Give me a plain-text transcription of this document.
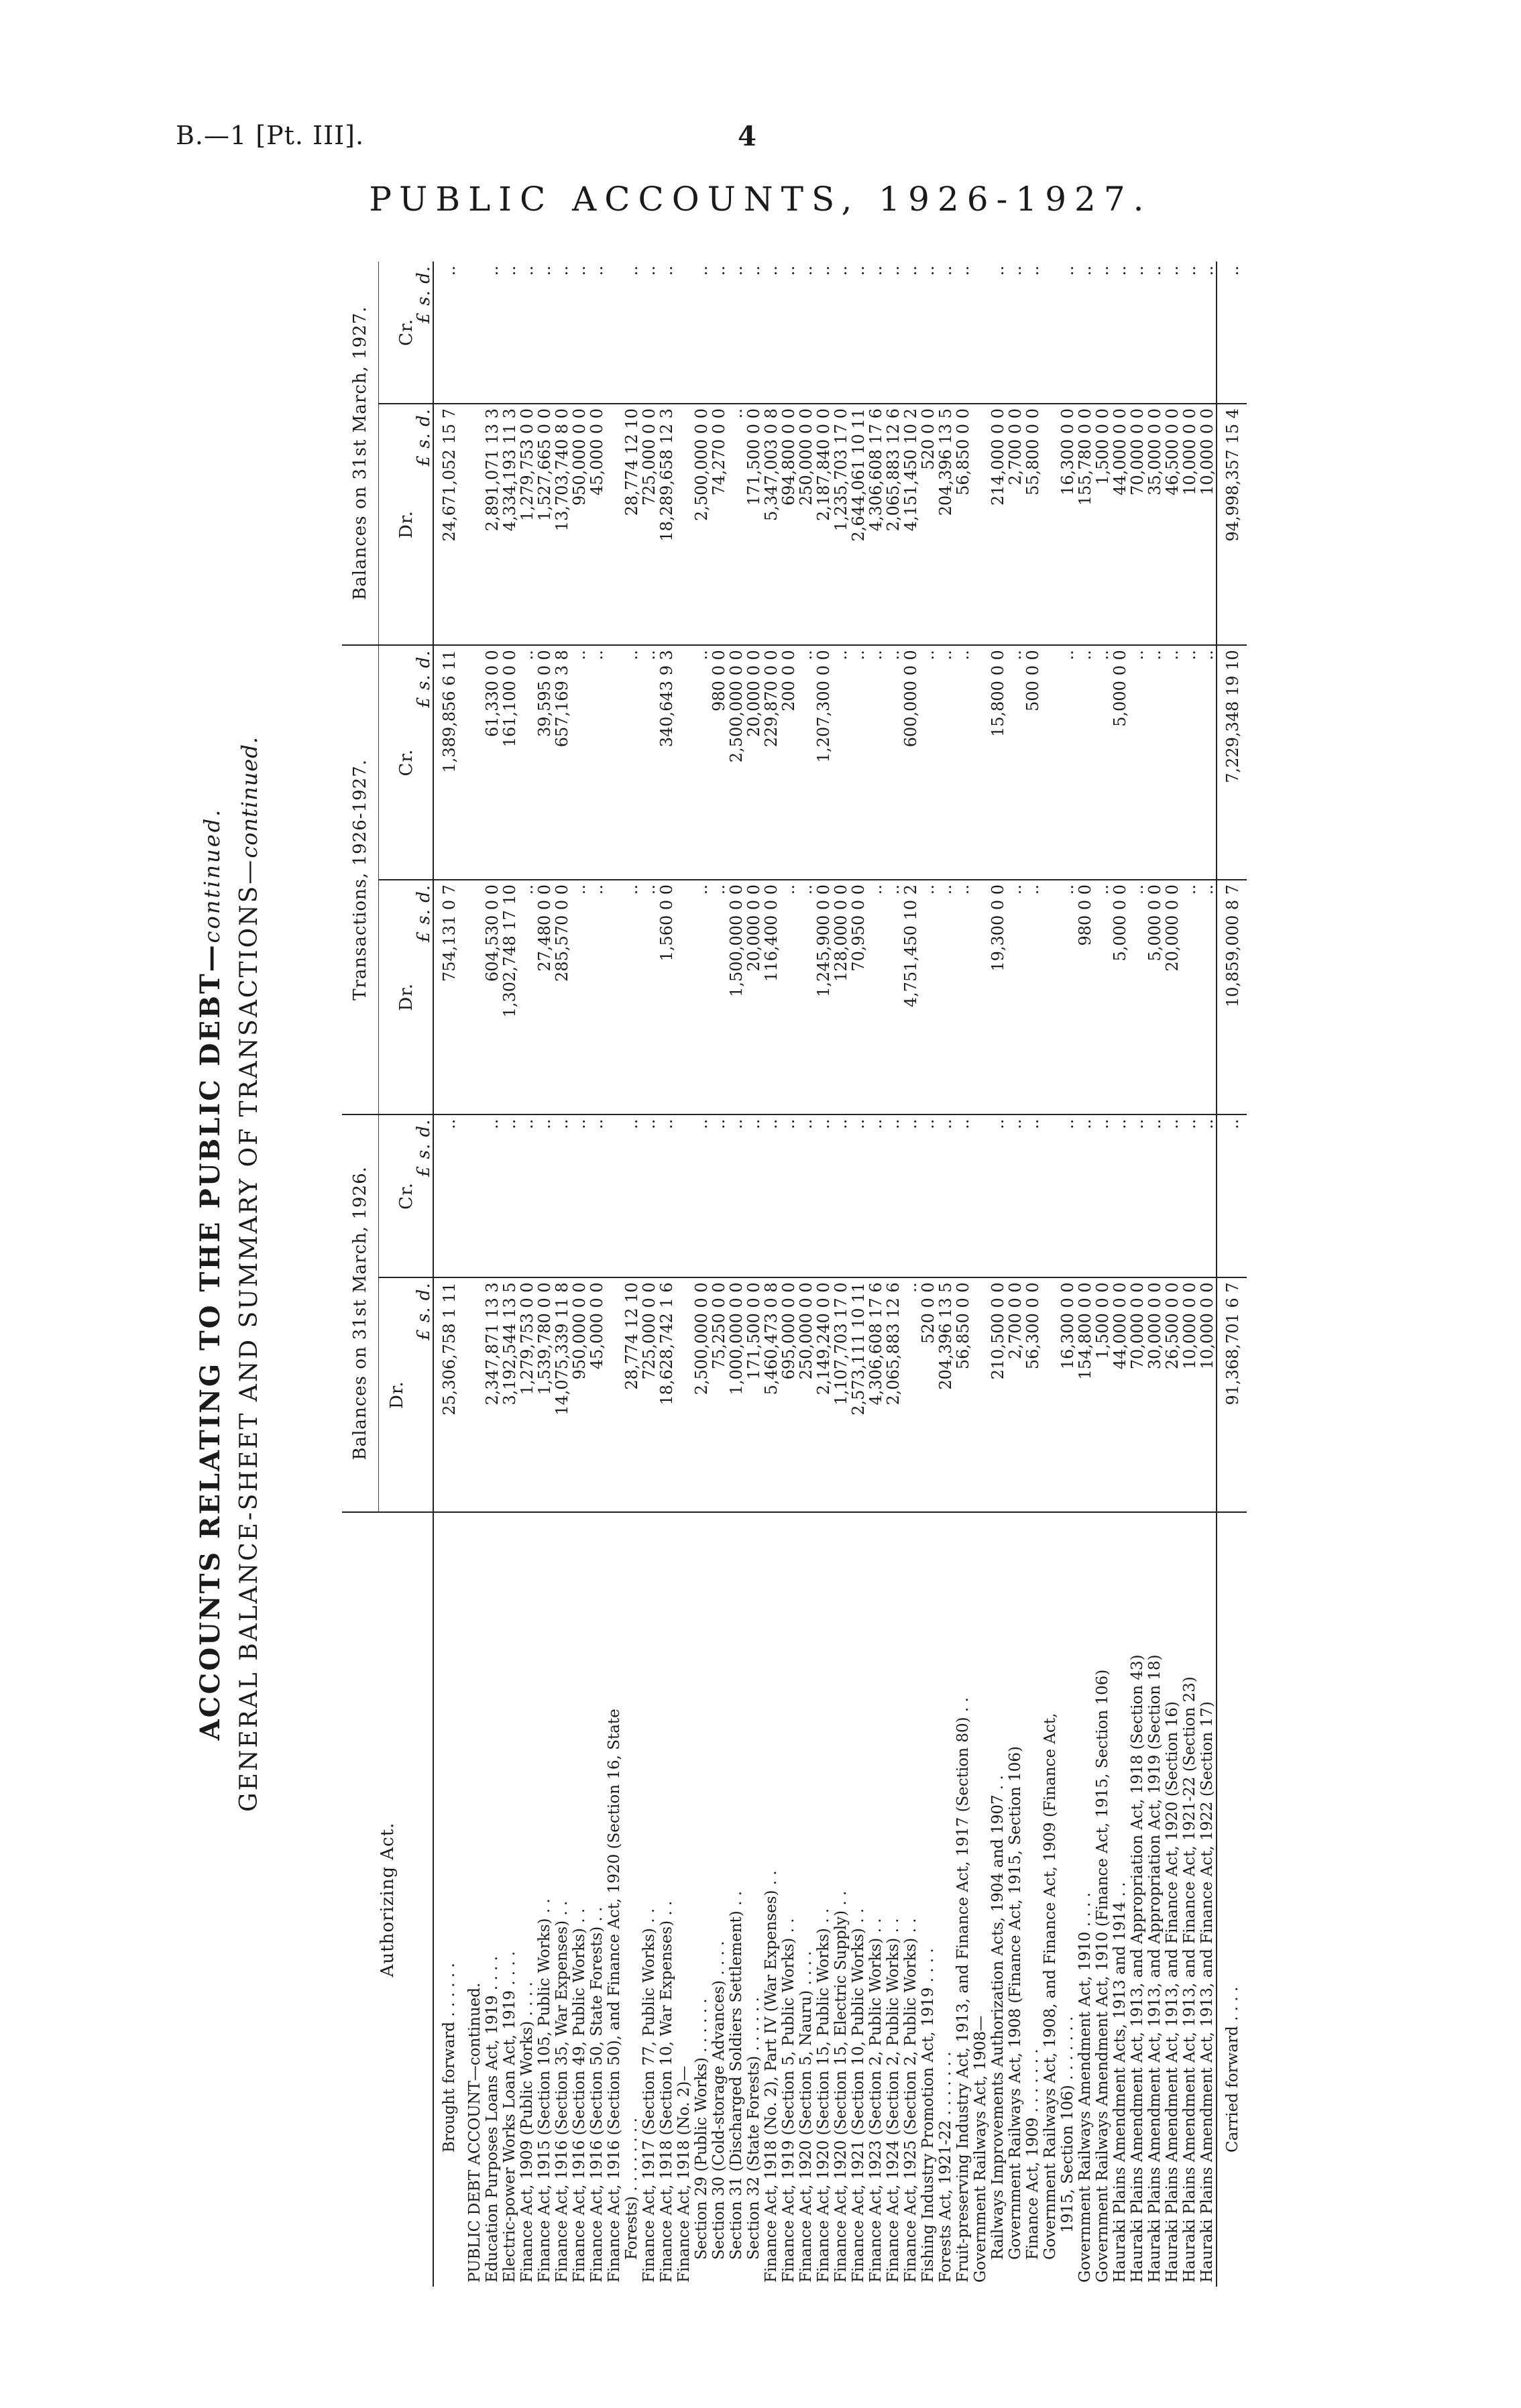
B.—1 [Pt. III].	4
PUBLIC ACCOUNTS, 1926-1927.
ACCOUNTS RELATING TO THE PUBLIC DEBT—continued. GENERAL BALANCE-SHEET AND SUMMARY OF TRANSACTIONS—continued.
Authorizing Act.	Balances on 31st March, 1926.		Transactions, 1926-1927.		Balances on 31st March, 1927.	
	Dr.	Cr.	Dr.	Cr.	Dr.	Cr.
	£ s. d.	£ s. d.	£ s. d.	£ s. d.	£ s. d.	£ s. d.
Brought forward . . . . . .	25,306,758 1 11	..	754,131 0 7	1,389,856 6 11	24,671,052 15 7	..
PUBLIC DEBT ACCOUNT—continued.						
Education Purposes Loans Act, 1919 . . . .	2,347,871 13 3	..	604,530 0 0	61,330 0 0	2,891,071 13 3	..
Electric-power Works Loan Act, 1919 . . . .	3,192,544 13 5	..	1,302,748 17 10	161,100 0 0	4,334,193 11 3	..
Finance Act, 1909 (Public Works) . . . .	1,279,753 0 0	..	..	..	1,279,753 0 0	..
Finance Act, 1915 (Section 105, Public Works) . .	1,539,780 0 0	..	27,480 0 0	39,595 0 0	1,527,665 0 0	..
Finance Act, 1916 (Section 35, War Expenses) . .	14,075,339 11 8	..	285,570 0 0	657,169 3 8	13,703,740 8 0	..
Finance Act, 1916 (Section 49, Public Works) . .	950,000 0 0	..	..	..	950,000 0 0	..
Finance Act, 1916 (Section 50, State Forests) . .	45,000 0 0	..	..	..	45,000 0 0	..
Finance Act, 1916 (Section 50), and Finance Act, 1920 (Section 16, State						
Forests) . . . . . . . .	28,774 12 10	..	..	..	28,774 12 10	..
Finance Act, 1917 (Section 77, Public Works) . .	725,000 0 0	..	..	..	725,000 0 0	..
Finance Act, 1918 (Section 10, War Expenses) . .	18,628,742 1 6	..	1,560 0 0	340,643 9 3	18,289,658 12 3	..
Finance Act, 1918 (No. 2)—						
Section 29 (Public Works) . . . . . .	2,500,000 0 0	..	..	..	2,500,000 0 0	..
Section 30 (Cold-storage Advances) . . . .	75,250 0 0	..	..	980 0 0	74,270 0 0	..
Section 31 (Discharged Soldiers Settlement) . .	1,000,000 0 0	..	1,500,000 0 0	2,500,000 0 0	..	..
Section 32 (State Forests) . . . . . .	171,500 0 0	..	20,000 0 0	20,000 0 0	171,500 0 0	..
Finance Act, 1918 (No. 2), Part IV (War Expenses) . .	5,460,473 0 8	..	116,400 0 0	229,870 0 0	5,347,003 0 8	..
Finance Act, 1919 (Section 5, Public Works) . .	695,000 0 0	..	..	200 0 0	694,800 0 0	..
Finance Act, 1920 (Section 5, Nauru) . . . .	250,000 0 0	..	..	..	250,000 0 0	..
Finance Act, 1920 (Section 15, Public Works) . .	2,149,240 0 0	..	1,245,900 0 0	1,207,300 0 0	2,187,840 0 0	..
Finance Act, 1920 (Section 15, Electric Supply) . .	1,107,703 17 0	..	128,000 0 0	..	1,235,703 17 0	..
Finance Act, 1921 (Section 10, Public Works) . .	2,573,111 10 11	..	70,950 0 0	..	2,644,061 10 11	..
Finance Act, 1923 (Section 2, Public Works) . .	4,306,608 17 6	..	..	..	4,306,608 17 6	..
Finance Act, 1924 (Section 2, Public Works) . .	2,065,883 12 6	..	..	..	2,065,883 12 6	..
Finance Act, 1925 (Section 2, Public Works) . .	..	..	4,751,450 10 2	600,000 0 0	4,151,450 10 2	..
Fishing Industry Promotion Act, 1919 . . . .	520 0 0	..	..	..	520 0 0	..
Forests Act, 1921-22 . . . . . . .	204,396 13 5	..	..	..	204,396 13 5	..
Fruit-preserving Industry Act, 1913, and Finance Act, 1917 (Section 80) . .	56,850 0 0	..	..	..	56,850 0 0	..
Government Railways Act, 1908—						
Railways Improvements Authorization Acts, 1904 and 1907 . .	210,500 0 0	..	19,300 0 0	15,800 0 0	214,000 0 0	..
Government Railways Act, 1908 (Finance Act, 1915, Section 106)	2,700 0 0	..	..	..	2,700 0 0	..
Finance Act, 1909 . . . . . . .	56,300 0 0	..	..	500 0 0	55,800 0 0	..
Government Railways Act, 1908, and Finance Act, 1909 (Finance Act,						
1915, Section 106) . . . . . . .	16,300 0 0	..	..	..	16,300 0 0	..
Government Railways Amendment Act, 1910 . . . .	154,800 0 0	..	980 0 0	..	155,780 0 0	..
Government Railways Amendment Act, 1910 (Finance Act, 1915, Section 106)	1,500 0 0	..	..	..	1,500 0 0	..
Hauraki Plains Amendment Acts, 1913 and 1914 . .	44,000 0 0	..	5,000 0 0	5,000 0 0	44,000 0 0	..
Hauraki Plains Amendment Act, 1913, and Appropriation Act, 1918 (Section 43)	70,000 0 0	..	..	..	70,000 0 0	..
Hauraki Plains Amendment Act, 1913, and Appropriation Act, 1919 (Section 18)	30,000 0 0	..	5,000 0 0	..	35,000 0 0	..
Hauraki Plains Amendment Act, 1913, and Finance Act, 1920 (Section 16)	26,500 0 0	..	20,000 0 0	..	46,500 0 0	..
Hauraki Plains Amendment Act, 1913, and Finance Act, 1921-22 (Section 23)	10,000 0 0	..	..	..	10,000 0 0	..
Hauraki Plains Amendment Act, 1913, and Finance Act, 1922 (Section 17)	10,000 0 0	..	..	..	10,000 0 0	..
Carried forward . . . .	91,368,701 6 7	..	10,859,000 8 7	7,229,348 19 10	94,998,357 15 4	..
